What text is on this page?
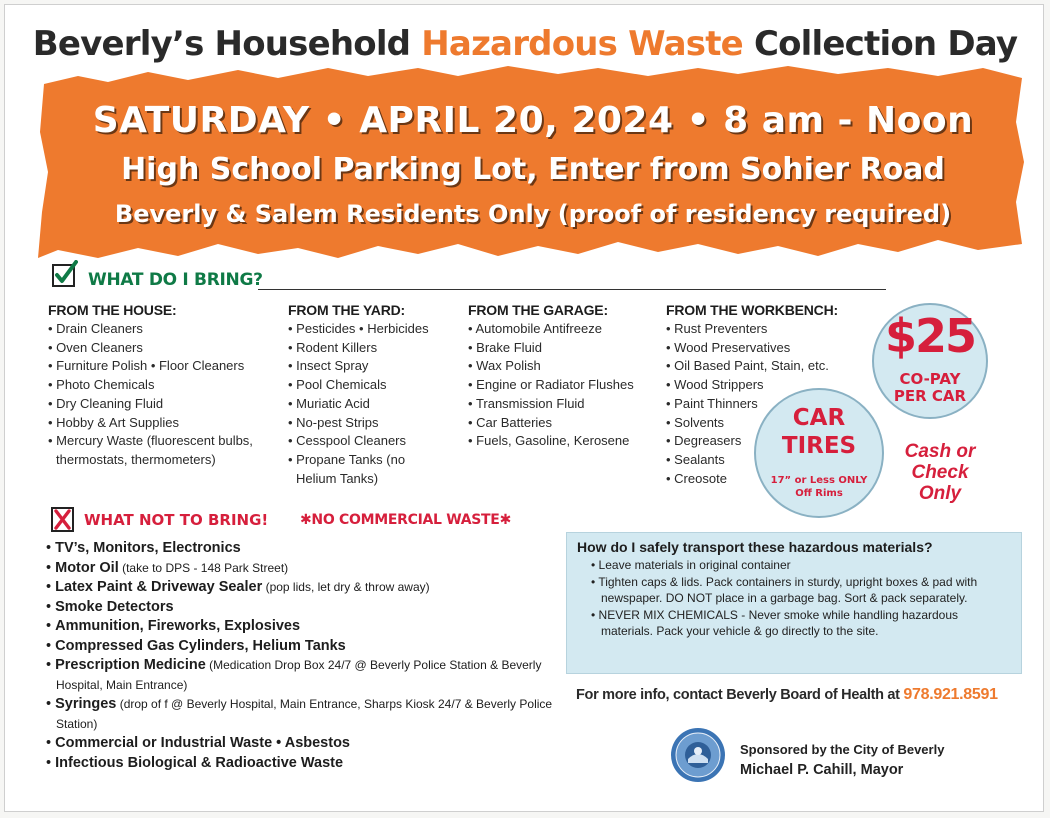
Beverly’s Household Hazardous Waste Collection Day
SATURDAY • APRIL 20, 2024 • 8 am - Noon
High School Parking Lot, Enter from Sohier Road
Beverly & Salem Residents Only (proof of residency required)
WHAT DO I BRING?
FROM THE HOUSE:
• Drain Cleaners
• Oven Cleaners
• Furniture Polish • Floor Cleaners
• Photo Chemicals
• Dry Cleaning Fluid
• Hobby & Art Supplies
• Mercury Waste (fluorescent bulbs, thermostats, thermometers)
FROM THE YARD:
• Pesticides • Herbicides
• Rodent Killers
• Insect Spray
• Pool Chemicals
• Muriatic Acid
• No-pest Strips
• Cesspool Cleaners
• Propane Tanks (no Helium Tanks)
FROM THE GARAGE:
• Automobile Antifreeze
• Brake Fluid
• Wax Polish
• Engine or Radiator Flushes
• Transmission Fluid
• Car Batteries
• Fuels, Gasoline, Kerosene
FROM THE WORKBENCH:
• Rust Preventers
• Wood Preservatives
• Oil Based Paint, Stain, etc.
• Wood Strippers
• Paint Thinners
• Solvents
• Degreasers
• Sealants
• Creosote
$25
CO-PAY
PER CAR
CAR
TIRES
17” or Less ONLY
Off Rims
Cash or
Check
Only
WHAT NOT TO BRING! ✱NO COMMERCIAL WASTE✱
• TV’s, Monitors, Electronics
• Motor Oil (take to DPS - 148 Park Street)
• Latex Paint & Driveway Sealer (pop lids, let dry & throw away)
• Smoke Detectors
• Ammunition, Fireworks, Explosives
• Compressed Gas Cylinders, Helium Tanks
• Prescription Medicine (Medication Drop Box 24/7 @ Beverly Police Station & Beverly Hospital, Main Entrance)
• Syringes (drop of f @ Beverly Hospital, Main Entrance, Sharps Kiosk 24/7 & Beverly Police Station)
• Commercial or Industrial Waste • Asbestos
• Infectious Biological & Radioactive Waste
How do I safely transport these hazardous materials?
• Leave materials in original container
• Tighten caps & lids. Pack containers in sturdy, upright boxes & pad with newspaper. DO NOT place in a garbage bag. Sort & pack separately.
• NEVER MIX CHEMICALS - Never smoke while handling hazardous materials. Pack your vehicle & go directly to the site.
For more info, contact Beverly Board of Health at 978.921.8591
Sponsored by the City of Beverly
Michael P. Cahill, Mayor
